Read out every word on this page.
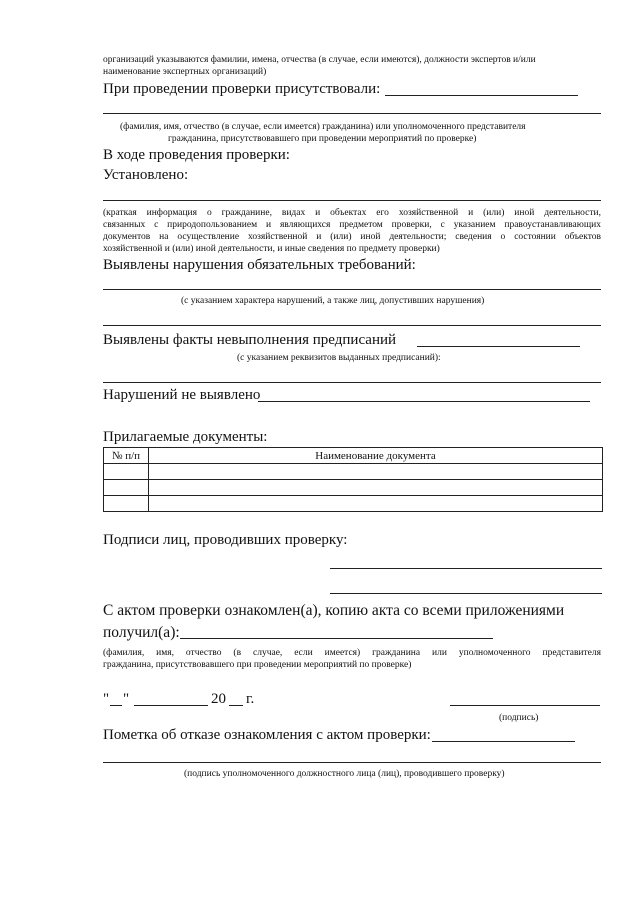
организаций указываются фамилии, имена, отчества (в случае, если имеются), должности экспертов и/или
наименование экспертных организаций)
При проведении проверки присутствовали:
(фамилия, имя, отчество (в случае, если имеется) гражданина) или уполномоченного представителя
гражданина, присутствовавшего при проведении мероприятий по проверке)
В ходе проведения проверки:
Установлено:
(краткая информация о гражданине, видах и объектах его хозяйственной и (или) иной деятельности,
связанных с природопользованием и являющихся предметом проверки, с указанием правоустанавливающих
документов на осуществление хозяйственной и (или) иной деятельности; сведения о состоянии объектов
хозяйственной и (или) иной деятельности, и иные сведения по предмету проверки)
Выявлены нарушения обязательных требований:
(с указанием характера нарушений, а также лиц, допустивших нарушения)
Выявлены факты невыполнения предписаний
(с указанием реквизитов выданных предписаний):
Нарушений не выявлено
Прилагаемые документы:
№ п/п	Наименование документа

Подписи лиц, проводивших проверку:
С актом проверки ознакомлен(а), копию акта со всеми приложениями
получил(а):
(фамилия, имя, отчество (в случае, если имеется) гражданина или уполномоченного представителя
гражданина, присутствовавшего при проведении мероприятий по проверке)
" "	20 г.
(подпись)
Пометка об отказе ознакомления с актом проверки:
(подпись уполномоченного должностного лица (лиц), проводившего проверку)
